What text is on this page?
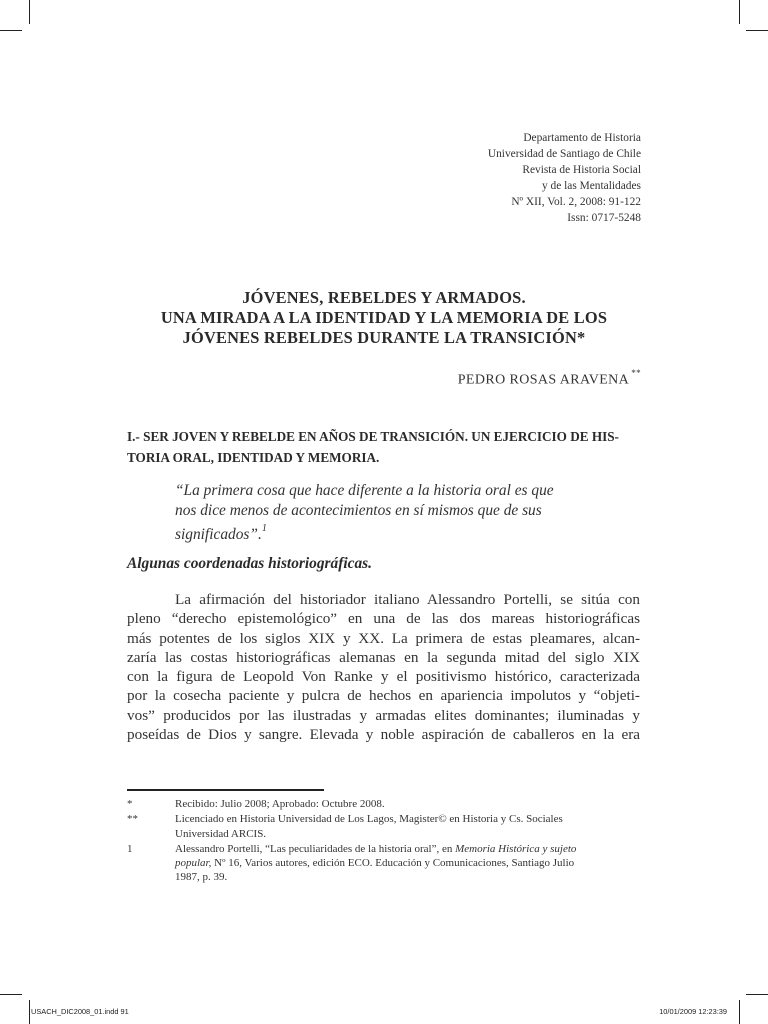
Departamento de Historia
Universidad de Santiago de Chile
Revista de Historia Social
y de las Mentalidades
Nº XII, Vol. 2, 2008: 91-122
Issn: 0717-5248
JÓVENES, REBELDES Y ARMADOS.
UNA MIRADA A LA IDENTIDAD Y LA MEMORIA DE LOS
JÓVENES REBELDES DURANTE LA TRANSICIÓN*
PEDRO ROSAS ARAVENA **
I.- SER JOVEN Y REBELDE EN AÑOS DE TRANSICIÓN. UN EJERCICIO DE HIS-
TORIA ORAL, IDENTIDAD Y MEMORIA.
“La primera cosa que hace diferente a la historia oral es que
nos dice menos de acontecimientos en sí mismos que de sus
significados”.$^1$
Algunas coordenadas historiográficas.
La afirmación del historiador italiano Alessandro Portelli, se sitúa con
pleno “derecho epistemológico” en una de las dos mareas historiográficas
más potentes de los siglos XIX y XX. La primera de estas pleamares, alcan-
zaría las costas historiográficas alemanas en la segunda mitad del siglo XIX
con la figura de Leopold Von Ranke y el positivismo histórico, caracterizada
por la cosecha paciente y pulcra de hechos en apariencia impolutos y “objeti-
vos” producidos por las ilustradas y armadas elites dominantes; iluminadas y
poseídas de Dios y sangre. Elevada y noble aspiración de caballeros en la era
*	Recibido: Julio 2008; Aprobado: Octubre 2008.
**	Licenciado en Historia Universidad de Los Lagos, Magister© en Historia y Cs. Sociales
Universidad ARCIS.
1	Alessandro Portelli, “Las peculiaridades de la historia oral”, en Memoria Histórica y sujeto
popular, Nº 16, Varios autores, edición ECO. Educación y Comunicaciones, Santiago Julio
1987, p. 39.
USACH_DIC2008_01.indd 91	10/01/2009 12:23:39
